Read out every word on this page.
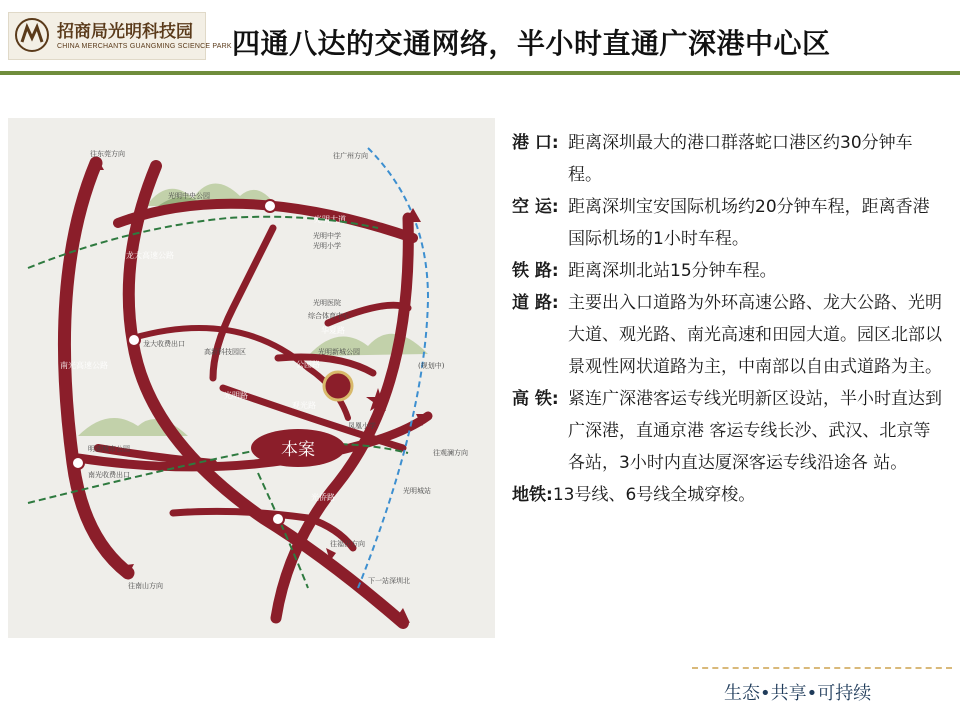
招商局光明科技园
CHINA MERCHANTS GUANGMING SCIENCE PARK 四通八达的交通网络，半小时直通广深港中心区
光明大道
华夏路
公园路
光明路
观光路
龙大高速公路
南光高速公路
光侨路
本案
往东莞方向	往广州方向
光明中央公园
光明中学
光明小学
光明医院
综合体育中心
龙大收费出口
光明新城公园
高新科技园区
明湖城市公园
南光收费出口
凤凰小学
往观澜方向
光明城站
往福田方向
往南山方向
下一站深圳北
(规划中)
港 口: 距离深圳最大的港口群落蛇口港区约30分钟车程。
空 运: 距离深圳宝安国际机场约20分钟车程，距离香港国际机场的1小时车程。
铁 路: 距离深圳北站15分钟车程。
道 路: 主要出入口道路为外环高速公路、龙大公路、光明大道、观光路、南光高速和田园大道。园区北部以景观性网状道路为主，中南部以自由式道路为主。
高 铁: 紧连广深港客运专线光明新区设站，半小时直达到广深港，直通京港 客运专线长沙、武汉、北京等各站，3小时内直达厦深客运专线沿途各 站。
地铁: 13号线、6号线全城穿梭。
生态•共享•可持续
